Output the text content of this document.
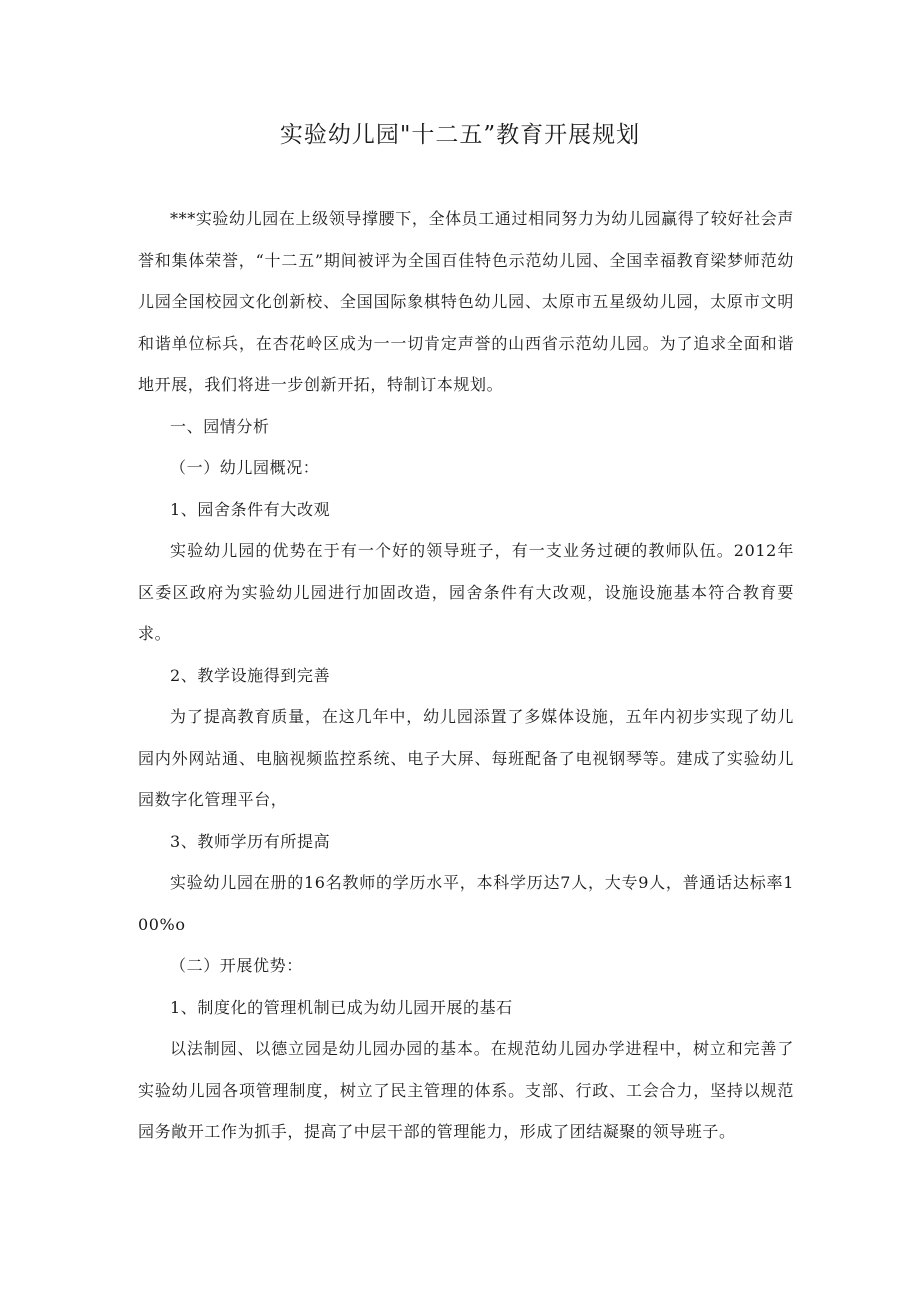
实验幼儿园"十二五”教育开展规划

***实验幼儿园在上级领导撑腰下，全体员工通过相同努力为幼儿园赢得了较好社会声誉和集体荣誉，“十二五”期间被评为全国百佳特色示范幼儿园、全国幸福教育梁梦师范幼儿园全国校园文化创新校、全国国际象棋特色幼儿园、太原市五星级幼儿园，太原市文明和谐单位标兵，在杏花岭区成为一一切肯定声誉的山西省示范幼儿园。为了追求全面和谐地开展，我们将进一步创新开拓，特制订本规划。

一、园情分析

（一）幼儿园概况：

1、园舍条件有大改观

实验幼儿园的优势在于有一个好的领导班子，有一支业务过硬的教师队伍。2012年区委区政府为实验幼儿园进行加固改造，园舍条件有大改观，设施设施基本符合教育要求。

2、教学设施得到完善

为了提高教育质量，在这几年中，幼儿园添置了多媒体设施，五年内初步实现了幼儿园内外网站通、电脑视频监控系统、电子大屏、每班配备了电视钢琴等。建成了实验幼儿园数字化管理平台，

3、教师学历有所提高

实验幼儿园在册的16名教师的学历水平，本科学历达7人，大专9人，普通话达标率100%o

（二）开展优势：

1、制度化的管理机制已成为幼儿园开展的基石

以法制园、以德立园是幼儿园办园的基本。在规范幼儿园办学进程中，树立和完善了实验幼儿园各项管理制度，树立了民主管理的体系。支部、行政、工会合力，坚持以规范园务敞开工作为抓手，提高了中层干部的管理能力，形成了团结凝聚的领导班子。
